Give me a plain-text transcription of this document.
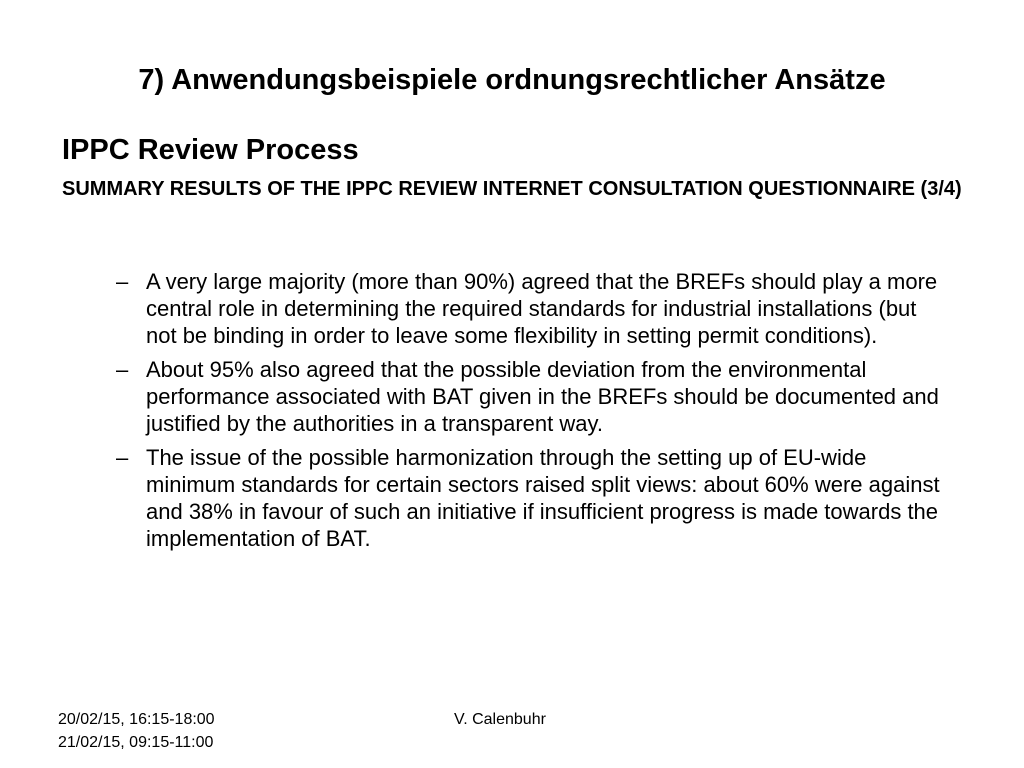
7) Anwendungsbeispiele ordnungsrechtlicher Ansätze
IPPC Review Process

SUMMARY RESULTS OF THE IPPC REVIEW INTERNET CONSULTATION QUESTIONNAIRE (3/4)

– A very large majority (more than 90%) agreed that the BREFs should play a more central role in determining the required standards for industrial installations (but not be binding in order to leave some flexibility in setting permit conditions).
– About 95% also agreed that the possible deviation from the environmental performance associated with BAT given in the BREFs should be documented and justified by the authorities in a transparent way.
– The issue of the possible harmonization through the setting up of EU-wide minimum standards for certain sectors raised split views: about 60% were against and 38% in favour of such an initiative if insufficient progress is made towards the implementation of BAT.
20/02/15, 16:15-18:00
21/02/15, 09:15-11:00
V. Calenbuhr
